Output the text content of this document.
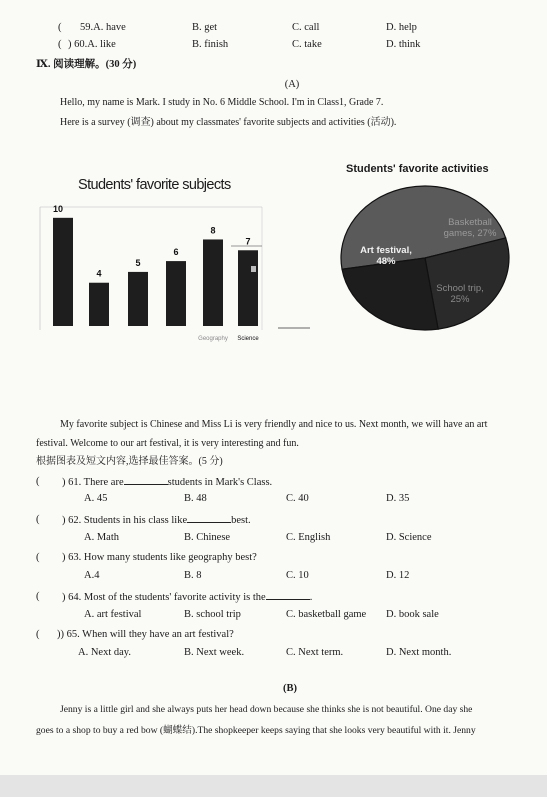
( 59.A. have	B. get	C. call	D. help
( ) 60.A. like	B. finish	C. take	D. think
Ⅸ. 阅读理解。(30 分)
(A)
Hello, my name is Mark. I study in No. 6 Middle School. I'm in Class1, Grade 7.
Here is a survey (调查) about my classmates' favorite subjects and activities (活动).
Students' favorite subjects
10
4
5
6
8
Geography
7
Science
Students' favorite activities
Art festival,
48%
Basketball
games, 27%
School trip,
25%
My favorite subject is Chinese and Miss Li is very friendly and nice to us. Next month, we will have an art
festival. Welcome to our art festival, it is very interesting and fun.
根据图表及短文内容,选择最佳答案。(5 分)
( ) 61. There are	students in Mark's Class.
A. 45	B. 48	C. 40	D. 35
( ) 62. Students in his class like	best.
A. Math	B. Chinese	C. English	D. Science
( ) 63. How many students like geography best?
A.4	B. 8	C. 10	D. 12
( ) 64. Most of the students' favorite activity is the	.
A. art festival	B. school trip	C. basketball game D. book sale
( )) 65. When will they have an art festival?
A. Next day.	B. Next week.	C. Next term.	D. Next month.
(B)
Jenny is a little girl and she always puts her head down because she thinks she is not beautiful. One day she
goes to a shop to buy a red bow (蝴蝶结).The shopkeeper keeps saying that she looks very beautiful with it. Jenny
